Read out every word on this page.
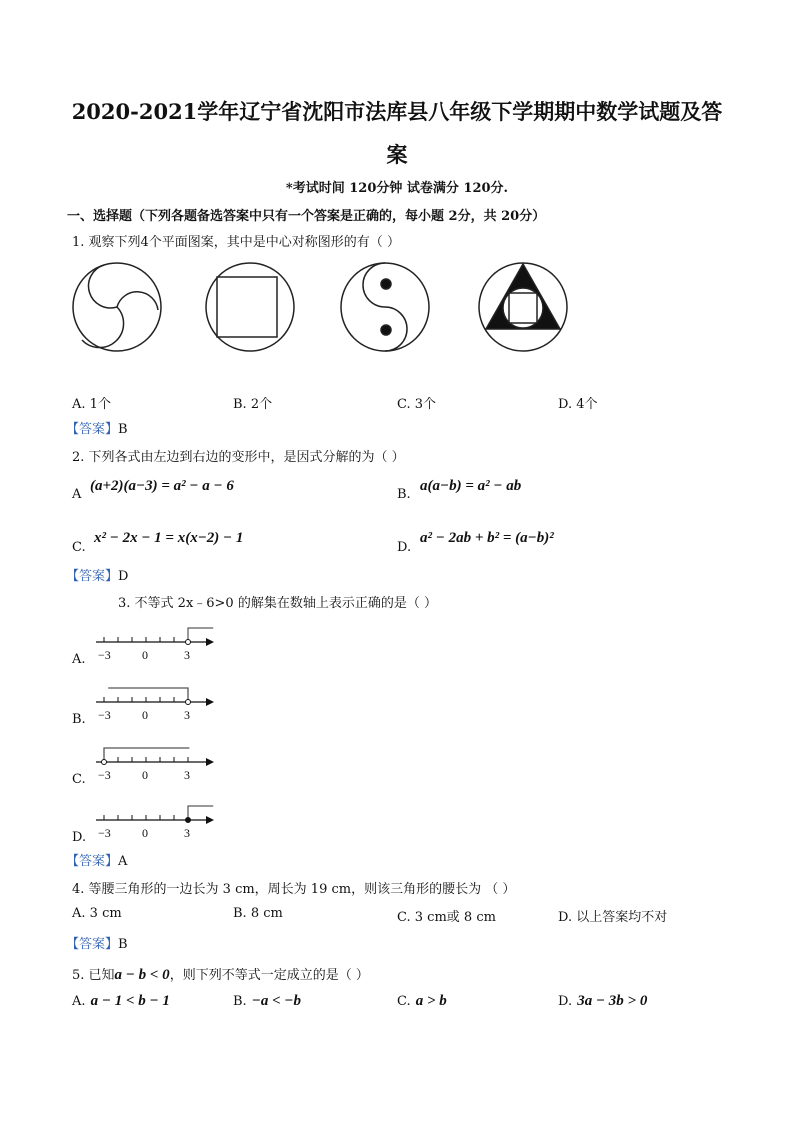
2020-2021学年辽宁省沈阳市法库县八年级下学期期中数学试题及答
案
*考试时间 120分钟 试卷满分 120分.
一、选择题（下列各题备选答案中只有一个答案是正确的，每小题 2分，共 20分）
1. 观察下列4个平面图案，其中是中心对称图形的有（ ）
A. 1个	B. 2个	C. 3个	D. 4个
【答案】B
2. 下列各式由左边到右边的变形中，是因式分解的为（ ）
A
(a+2)(a−3) = a² − a − 6
B.
a(a−b) = a² − ab
C.
x² − 2x − 1 = x(x−2) − 1
D.
a² − 2ab + b² = (a−b)²
【答案】D
3. 不等式 2x﹣6>0 的解集在数轴上表示正确的是（ ）
A. −3	0	3
B. −3	0	3
C. −3	0	3
D. −3	0	3
【答案】A
4. 等腰三角形的一边长为 3 cm，周长为 19 cm，则该三角形的腰长为 （ ）
A. 3 cm	B. 8 cm	C. 3 cm或 8 cm	D. 以上答案均不对
【答案】B
5. 已知a − b < 0，则下列不等式一定成立的是（ ）
A. a − 1 < b − 1	B. −a < −b	C. a > b	D. 3a − 3b > 0
